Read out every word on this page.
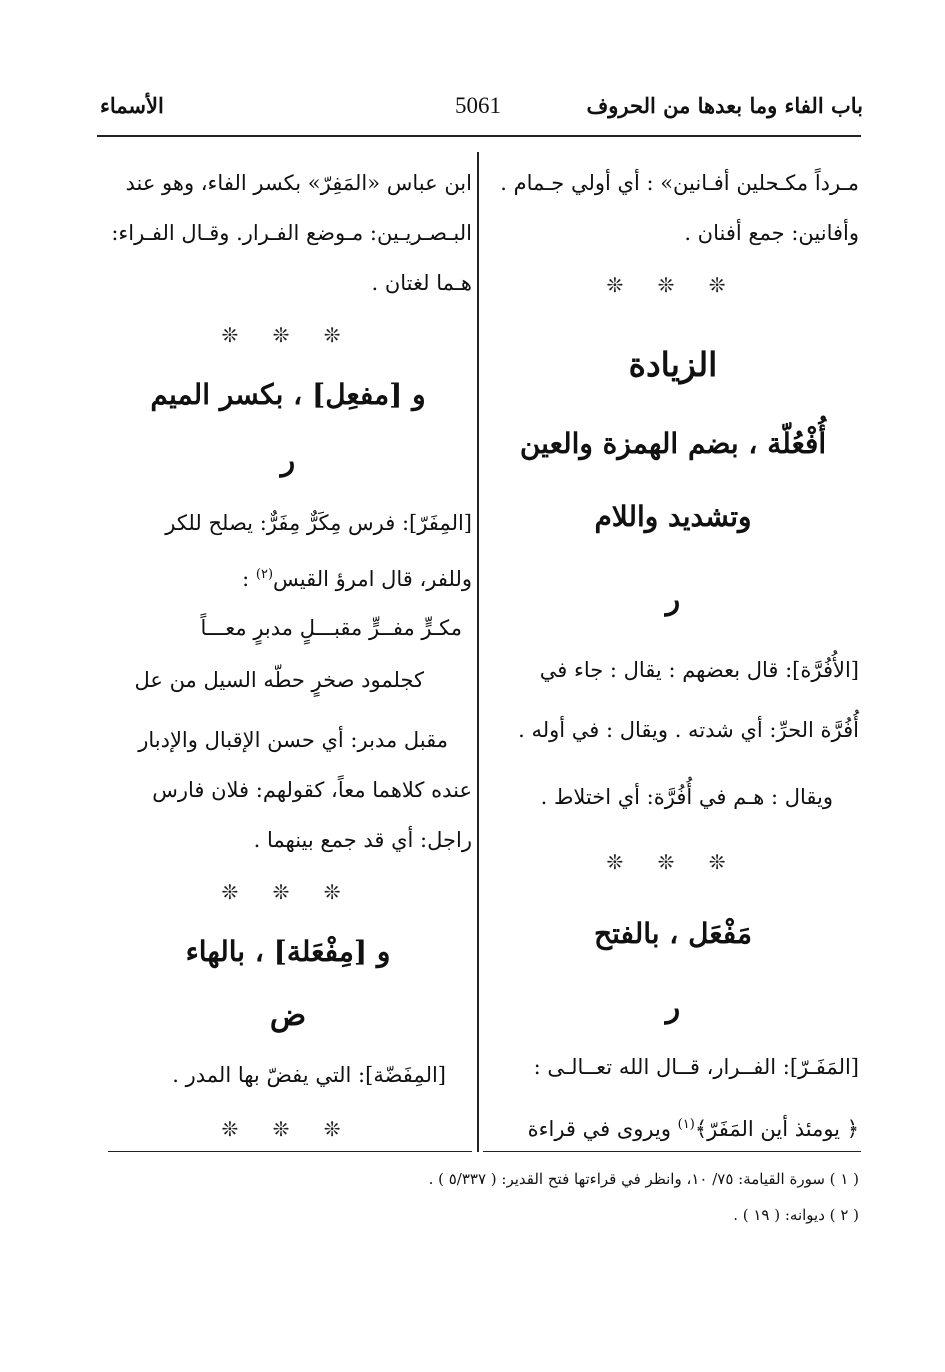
باب الفاء وما بعدها من الحروف
5061
الأسماء
مـرداً مكـحلين أفـانين» : أي أولي جـمام .
وأفانين: جمع أفنان .
❊ ❊ ❊
الزيادة
أُفْعُلّة ، بضم الهمزة والعين
وتشديد واللام
ر
[الأُفُرَّة]: قال بعضهم : يقال : جاء في
أُفُرَّة الحرِّ: أي شدته . ويقال : في أوله .
ويقال : هـم في أُفُرَّة: أي اختلاط .
❊ ❊ ❊
مَفْعَل ، بالفتح
ر
[المَفَـرّ]: الفــرار، قــال الله تعــالـى :
﴿ يومئذ أين المَفَرّ﴾$^{(١)}$ ويروى في قراءة
ابن عباس «المَفِرّ» بكسر الفاء، وهو عند
البـصـريـين: مـوضع الفـرار. وقـال الفـراء:
هـما لغتان .
❊ ❊ ❊
و [مفعِل] ، بكسر الميم
ر
[المِفَرّ]: فرس مِكَرٌّ مِفَرٌّ: يصلح للكر
وللفر، قال امرؤ القيس$^{(٢)}$ :
مكـرٍّ مفــرٍّ مقبـــلٍ مدبرٍ معـــاً
كجلمود صخرٍ حطّه السيل من عل
مقبل مدبر: أي حسن الإقبال والإدبار
عنده كلاهما معاً، كقولهم: فلان فارس
راجل: أي قد جمع بينهما .
❊ ❊ ❊
و [مِفْعَلة] ، بالهاء
ض
[المِفَضّة]: التي يفضّ بها المدر .
❊ ❊ ❊
( ١ ) سورة القيامة: ٧٥/ ١٠، وانظر في قراءتها فتح القدير: ( ٥/٣٣٧ ) .
( ٢ ) ديوانه: ( ١٩ ) .
